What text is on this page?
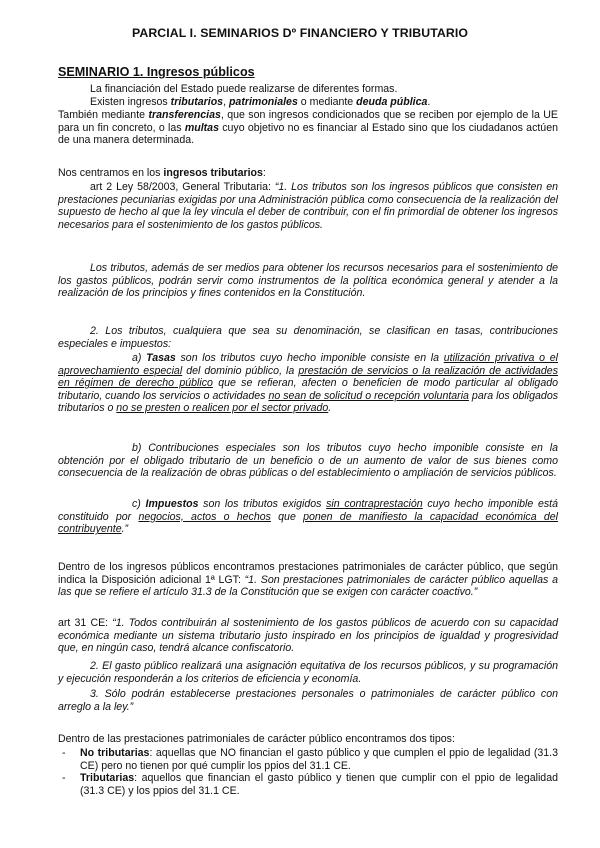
PARCIAL I. SEMINARIOS Dº FINANCIERO Y TRIBUTARIO

SEMINARIO 1. Ingresos públicos

La financiación del Estado puede realizarse de diferentes formas.

Existen ingresos tributarios, patrimoniales o mediante deuda pública.

También mediante transferencias, que son ingresos condicionados que se reciben por ejemplo de la UE para un fin concreto, o las multas cuyo objetivo no es financiar al Estado sino que los ciudadanos actúen de una manera determinada.

Nos centramos en los ingresos tributarios:

art 2 Ley 58/2003, General Tributaria: “1. Los tributos son los ingresos públicos que consisten en prestaciones pecuniarias exigidas por una Administración pública como consecuencia de la realización del supuesto de hecho al que la ley vincula el deber de contribuir, con el fin primordial de obtener los ingresos necesarios para el sostenimiento de los gastos públicos.

Los tributos, además de ser medios para obtener los recursos necesarios para el sostenimiento de los gastos públicos, podrán servir como instrumentos de la política económica general y atender a la realización de los principios y fines contenidos en la Constitución.

2. Los tributos, cualquiera que sea su denominación, se clasifican en tasas, contribuciones especiales e impuestos:

a) Tasas son los tributos cuyo hecho imponible consiste en la utilización privativa o el aprovechamiento especial del dominio público, la prestación de servicios o la realización de actividades en régimen de derecho público que se refieran, afecten o beneficien de modo particular al obligado tributario, cuando los servicios o actividades no sean de solicitud o recepción voluntaria para los obligados tributarios o no se presten o realicen por el sector privado.

b) Contribuciones especiales son los tributos cuyo hecho imponible consiste en la obtención por el obligado tributario de un beneficio o de un aumento de valor de sus bienes como consecuencia de la realización de obras públicas o del establecimiento o ampliación de servicios públicos.

c) Impuestos son los tributos exigidos sin contraprestación cuyo hecho imponible está constituido por negocios, actos o hechos que ponen de manifiesto la capacidad económica del contribuyente.”

Dentro de los ingresos públicos encontramos prestaciones patrimoniales de carácter público, que según indica la Disposición adicional 1ª LGT: “1. Son prestaciones patrimoniales de carácter público aquellas a las que se refiere el artículo 31.3 de la Constitución que se exigen con carácter coactivo.”

art 31 CE: “1. Todos contribuirán al sostenimiento de los gastos públicos de acuerdo con su capacidad económica mediante un sistema tributario justo inspirado en los principios de igualdad y progresividad que, en ningún caso, tendrá alcance confiscatorio.

2. El gasto público realizará una asignación equitativa de los recursos públicos, y su programación y ejecución responderán a los criterios de eficiencia y economía.

3. Sólo podrán establecerse prestaciones personales o patrimoniales de carácter público con arreglo a la ley.”

Dentro de las prestaciones patrimoniales de carácter público encontramos dos tipos:

- No tributarias: aquellas que NO financian el gasto público y que cumplen el ppio de legalidad (31.3 CE) pero no tienen por qué cumplir los ppios del 31.1 CE.
- Tributarias: aquellos que financian el gasto público y tienen que cumplir con el ppio de legalidad (31.3 CE) y los ppios del 31.1 CE.
